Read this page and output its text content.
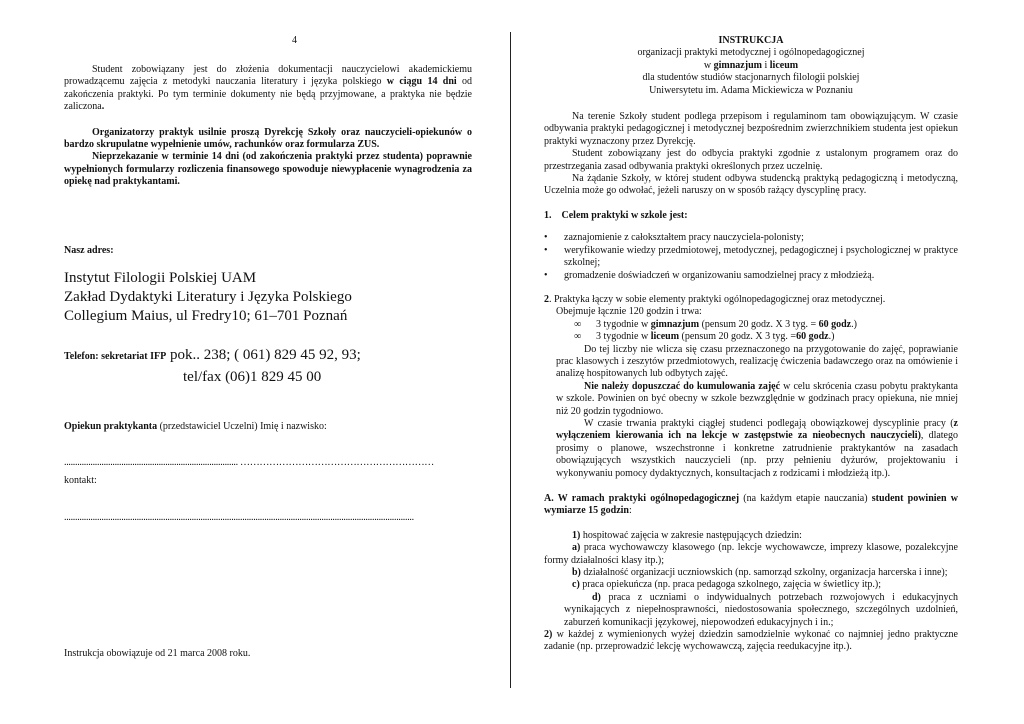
4

Student zobowiązany jest do złożenia dokumentacji nauczycielowi akademickiemu prowadzącemu zajęcia z metodyki nauczania literatury i języka polskiego w ciągu 14 dni od zakończenia praktyki. Po tym terminie dokumenty nie będą przyjmowane, a praktyka nie będzie zaliczona.

Organizatorzy praktyk usilnie proszą Dyrekcję Szkoły oraz nauczycieli-opiekunów o bardzo skrupulatne wypełnienie umów, rachunków oraz formularza ZUS.

Nieprzekazanie w terminie 14 dni (od zakończenia praktyki przez studenta) poprawnie wypełnionych formularzy rozliczenia finansowego spowoduje niewypłacenie wynagrodzenia za opiekę nad praktykantami.

Nasz adres:

Instytut Filologii Polskiej UAM

Zakład Dydaktyki Literatury i Języka Polskiego

Collegium Maius, ul Fredry10; 61–701 Poznań

Telefon: sekretariat IFP pok.. 238; ( 061) 829 45 92, 93;

tel/fax (06)1 829 45 00

Opiekun praktykanta (przedstawiciel Uczelni) Imię i nazwisko:

............................................................................... ……………………………………………………

kontakt:

...............................................................................................................................................................

Instrukcja obowiązuje od 21 marca 2008 roku.

INSTRUKCJA

organizacji praktyki metodycznej i ogólnopedagogicznej

w gimnazjum i liceum

dla studentów studiów stacjonarnych filologii polskiej

Uniwersytetu im. Adama Mickiewicza w Poznaniu

Na terenie Szkoły student podlega przepisom i regulaminom tam obowiązującym. W czasie odbywania praktyki pedagogicznej i metodycznej bezpośrednim zwierzchnikiem studenta jest opiekun praktyki wyznaczony przez Dyrekcję.

Student zobowiązany jest do odbycia praktyki zgodnie z ustalonym programem oraz do przestrzegania zasad odbywania praktyki określonych przez uczelnię.

Na żądanie Szkoły, w której student odbywa studencką praktyką pedagogiczną i metodyczną, Uczelnia może go odwołać, jeżeli naruszy on w sposób rażący dyscyplinę pracy.

1. Celem praktyki w szkole jest:

• zaznajomienie z całokształtem pracy nauczyciela-polonisty;
• weryfikowanie wiedzy przedmiotowej, metodycznej, pedagogicznej i psychologicznej w praktyce szkolnej;
• gromadzenie doświadczeń w organizowaniu samodzielnej pracy z młodzieżą.

2. Praktyka łączy w sobie elementy praktyki ogólnopedagogicznej oraz metodycznej.

Obejmuje łącznie 120 godzin i trwa:

∞ 3 tygodnie w gimnazjum (pensum 20 godz. X 3 tyg. = 60 godz.)

∞ 3 tygodnie w liceum (pensum 20 godz. X 3 tyg. =60 godz.)

Do tej liczby nie wlicza się czasu przeznaczonego na przygotowanie do zajęć, poprawianie prac klasowych i zeszytów przedmiotowych, realizację ćwiczenia badawczego oraz na omówienie i analizę hospitowanych lub odbytych zajęć.

Nie należy dopuszczać do kumulowania zajęć w celu skrócenia czasu pobytu praktykanta w szkole. Powinien on być obecny w szkole bezwzględnie w godzinach pracy opiekuna, nie mniej niż 20 godzin tygodniowo.

W czasie trwania praktyki ciągłej studenci podlegają obowiązkowej dyscyplinie pracy (z wyłączeniem kierowania ich na lekcje w zastępstwie za nieobecnych nauczycieli), dlatego prosimy o planowe, wszechstronne i konkretne zatrudnienie praktykantów na zasadach obowiązujących wszystkich nauczycieli (np. przy pełnieniu dyżurów, projektowaniu i wykonywaniu pomocy dydaktycznych, konsultacjach z rodzicami i młodzieżą itp.).

A. W ramach praktyki ogólnopedagogicznej (na każdym etapie nauczania) student powinien w wymiarze 15 godzin:

1) hospitować zajęcia w zakresie następujących dziedzin:

a) praca wychowawczy klasowego (np. lekcje wychowawcze, imprezy klasowe, pozalekcyjne formy działalności klasy itp.);

b) działalność organizacji uczniowskich (np. samorząd szkolny, organizacja harcerska i inne);

c) praca opiekuńcza (np. praca pedagoga szkolnego, zajęcia w świetlicy itp.);

d) praca z uczniami o indywidualnych potrzebach rozwojowych i edukacyjnych wynikających z niepełnosprawności, niedostosowania społecznego, szczególnych uzdolnień, zaburzeń komunikacji językowej, niepowodzeń edukacyjnych i in.;

2) w każdej z wymienionych wyżej dziedzin samodzielnie wykonać co najmniej jedno praktyczne zadanie (np. przeprowadzić lekcję wychowawczą, zajęcia reedukacyjne itp.).
